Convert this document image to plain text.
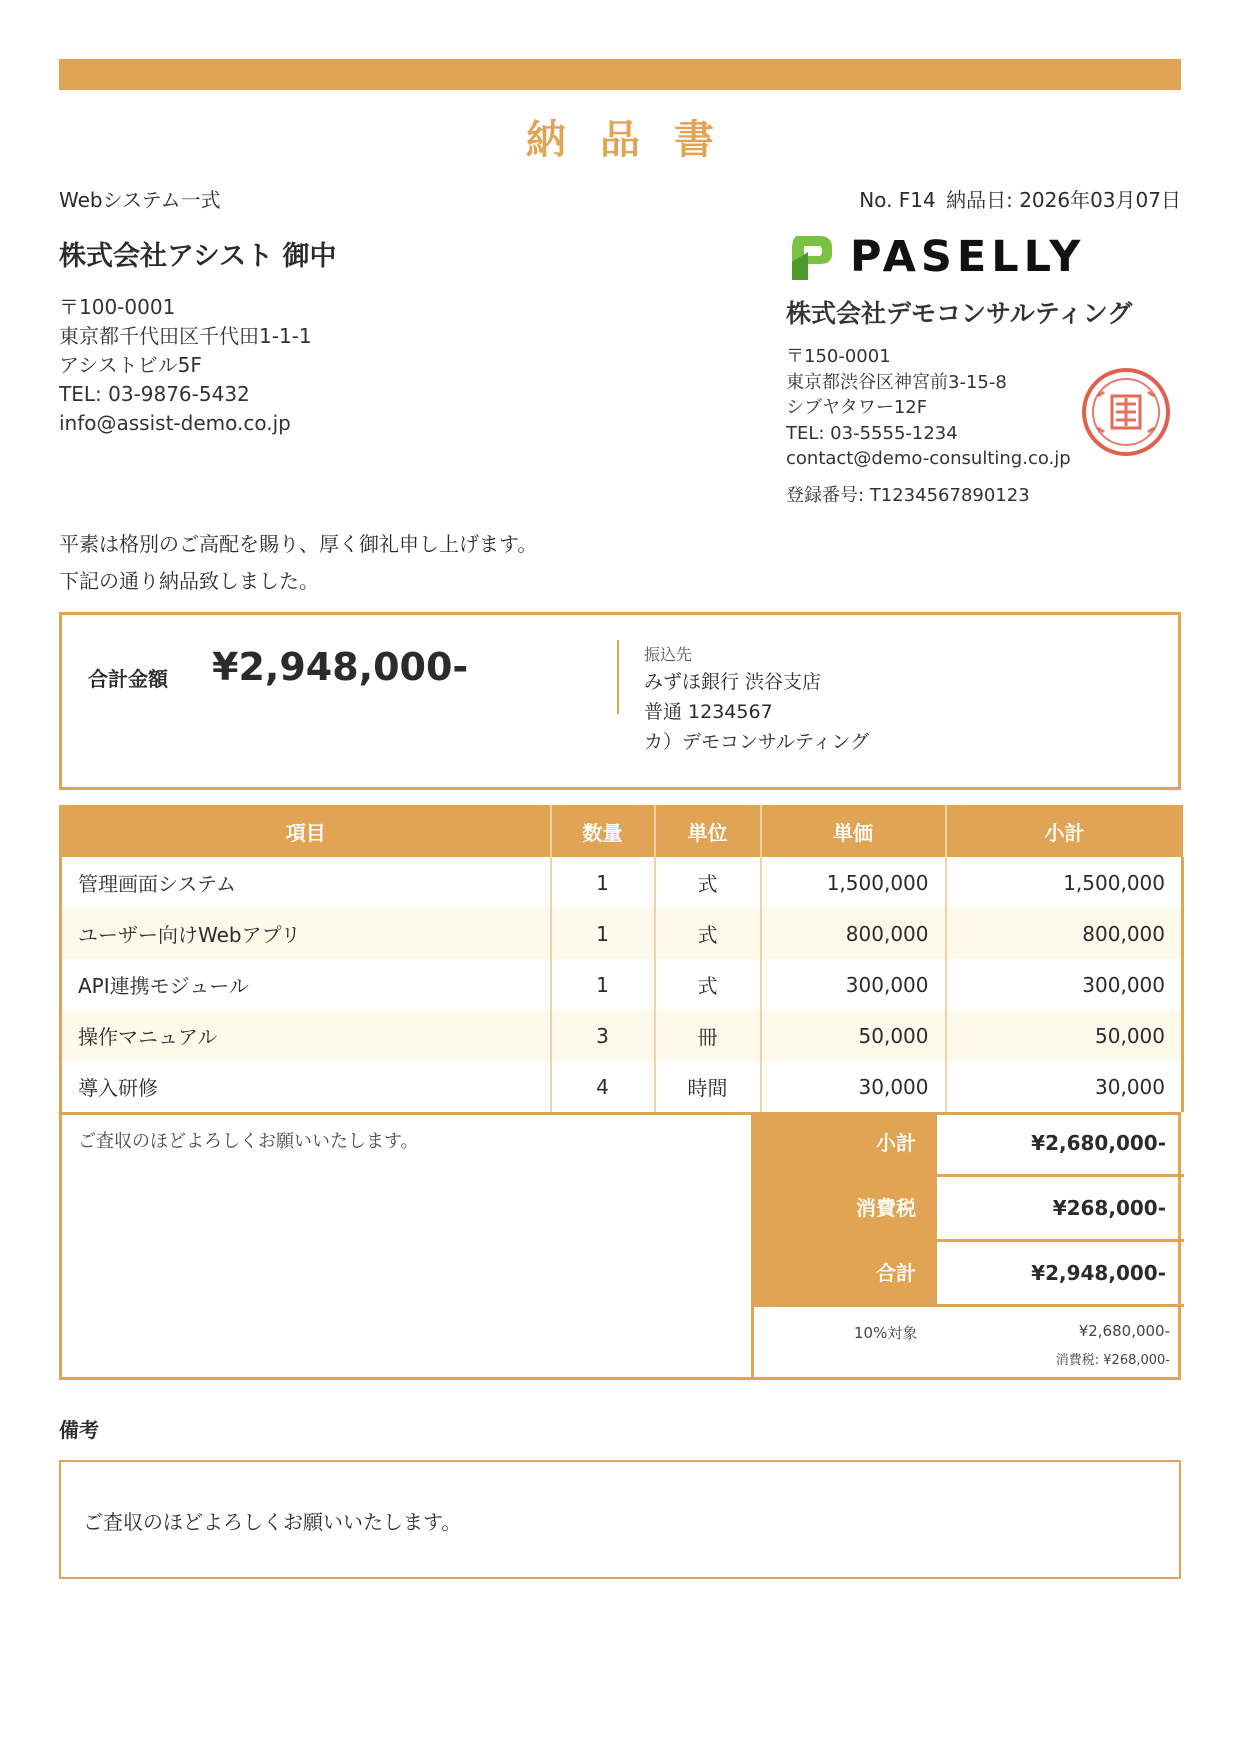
納品書
Webシステム一式	No. F14 納品日: 2026年03月07日
株式会社アシスト 御中
〒100-0001
東京都千代田区千代田1-1-1
アシストビル5F
TEL: 03-9876-5432
info@assist-demo.co.jp
PASELLY
株式会社デモコンサルティング
〒150-0001
東京都渋谷区神宮前3-15-8
シブヤタワー12F
TEL: 03-5555-1234
contact@demo-consulting.co.jp
登録番号: T1234567890123
平素は格別のご高配を賜り、厚く御礼申し上げます。
下記の通り納品致しました。
合計金額 ¥2,948,000-	振込先
みずほ銀行 渋谷支店
普通 1234567
カ）デモコンサルティング
項目	数量	単位	単価	小計
管理画面システム	1	式	1,500,000	1,500,000
ユーザー向けWebアプリ	1	式	800,000	800,000
API連携モジュール	1	式	300,000	300,000
操作マニュアル	3	冊	50,000	50,000
導入研修	4	時間	30,000	30,000
ご査収のほどよろしくお願いいたします。	小計	¥2,680,000-
消費税	¥268,000-
合計	¥2,948,000-
10%対象	¥2,680,000-
消費税: ¥268,000-
備考
ご査収のほどよろしくお願いいたします。
